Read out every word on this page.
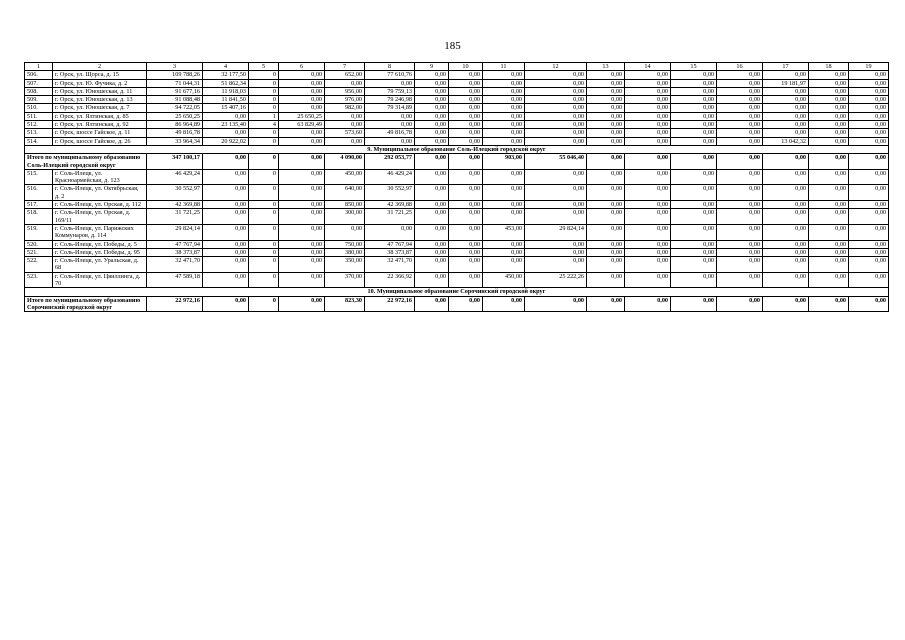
185
1	2	3	4	5	6	7	8	9	10	11	12	13	14	15	16	17	18	19
506.	г. Орск, ул. Щорса, д. 15	109 788,26	32 177,50	0	0,00	652,00	77 610,76	0,00	0,00	0,00	0,00	0,00	0,00	0,00	0,00	0,00	0,00	0,00
507.	г. Орск, ул. Ю. Фучика, д. 2	71 044,31	51 862,34	0	0,00	0,00	0,00	0,00	0,00	0,00	0,00	0,00	0,00	0,00	0,00	19 181,97	0,00	0,00
508.	г. Орск, ул. Юношеская, д. 11	91 677,16	11 918,03	0	0,00	956,00	79 759,13	0,00	0,00	0,00	0,00	0,00	0,00	0,00	0,00	0,00	0,00	0,00
509.	г. Орск, ул. Юношеская, д. 13	91 088,48	11 841,50	0	0,00	976,00	79 246,98	0,00	0,00	0,00	0,00	0,00	0,00	0,00	0,00	0,00	0,00	0,00
510.	г. Орск, ул. Юношеская, д. 7	94 722,05	15 407,16	0	0,00	982,00	79 314,89	0,00	0,00	0,00	0,00	0,00	0,00	0,00	0,00	0,00	0,00	0,00
511.	г. Орск, ул. Ялтинская, д. 85	25 650,25	0,00	1	25 650,25	0,00	0,00	0,00	0,00	0,00	0,00	0,00	0,00	0,00	0,00	0,00	0,00	0,00
512.	г. Орск, ул. Ялтинская, д. 92	86 964,89	23 135,40	4	63 829,49	0,00	0,00	0,00	0,00	0,00	0,00	0,00	0,00	0,00	0,00	0,00	0,00	0,00
513.	г. Орск, шоссе Гайское, д. 11	49 816,78	0,00	0	0,00	573,60	49 816,78	0,00	0,00	0,00	0,00	0,00	0,00	0,00	0,00	0,00	0,00	0,00
514.	г. Орск, шоссе Гайское, д. 26	33 964,34	20 922,02	0	0,00	0,00	0,00	0,00	0,00	0,00	0,00	0,00	0,00	0,00	0,00	13 042,32	0,00	0,00
9. Муниципальное образование Соль-Илецкий городской округ																		
Итого по муниципальному образованию Соль-Илецкий городской округ		347 100,17	0,00	0	0,00	4 090,00	292 053,77	0,00	0,00	903,00	55 046,40	0,00	0,00	0,00	0,00	0,00	0,00	0,00
515.	г. Соль-Илецк, ул. Красноармейская, д. 123	46 429,24	0,00	0	0,00	450,00	46 429,24	0,00	0,00	0,00	0,00	0,00	0,00	0,00	0,00	0,00	0,00	0,00
516.	г. Соль-Илецк, ул. Октябрьская, д. 2	30 552,97	0,00	0	0,00	640,00	30 552,97	0,00	0,00	0,00	0,00	0,00	0,00	0,00	0,00	0,00	0,00	0,00
517.	г. Соль-Илецк, ул. Орская, д. 112	42 369,88	0,00	0	0,00	850,00	42 369,88	0,00	0,00	0,00	0,00	0,00	0,00	0,00	0,00	0,00	0,00	0,00
518.	г. Соль-Илецк, ул. Орская, д. 169/11	31 721,25	0,00	0	0,00	300,00	31 721,25	0,00	0,00	0,00	0,00	0,00	0,00	0,00	0,00	0,00	0,00	0,00
519.	г. Соль-Илецк, ул. Парижских Коммунаров, д. 114	29 824,14	0,00	0	0,00	0,00	0,00	0,00	0,00	453,00	29 824,14	0,00	0,00	0,00	0,00	0,00	0,00	0,00
520.	г. Соль-Илецк, ул. Победы, д. 5	47 767,94	0,00	0	0,00	750,00	47 767,94	0,00	0,00	0,00	0,00	0,00	0,00	0,00	0,00	0,00	0,00	0,00
521.	г. Соль-Илецк, ул. Победы, д. 95	38 373,87	0,00	0	0,00	380,00	38 373,87	0,00	0,00	0,00	0,00	0,00	0,00	0,00	0,00	0,00	0,00	0,00
522.	г. Соль-Илецк, ул. Уральская, д. 68	32 471,70	0,00	0	0,00	350,00	32 471,70	0,00	0,00	0,00	0,00	0,00	0,00	0,00	0,00	0,00	0,00	0,00
523.	г. Соль-Илецк, ул. Цвиллинга, д. 70	47 589,18	0,00	0	0,00	370,00	22 366,92	0,00	0,00	450,00	25 222,26	0,00	0,00	0,00	0,00	0,00	0,00	0,00
10. Муниципальное образование Сорочинский городской округ																		
Итого по муниципальному образованию Сорочинский городской округ		22 972,16	0,00	0	0,00	823,30	22 972,16	0,00	0,00	0,00	0,00	0,00	0,00	0,00	0,00	0,00	0,00	0,00
